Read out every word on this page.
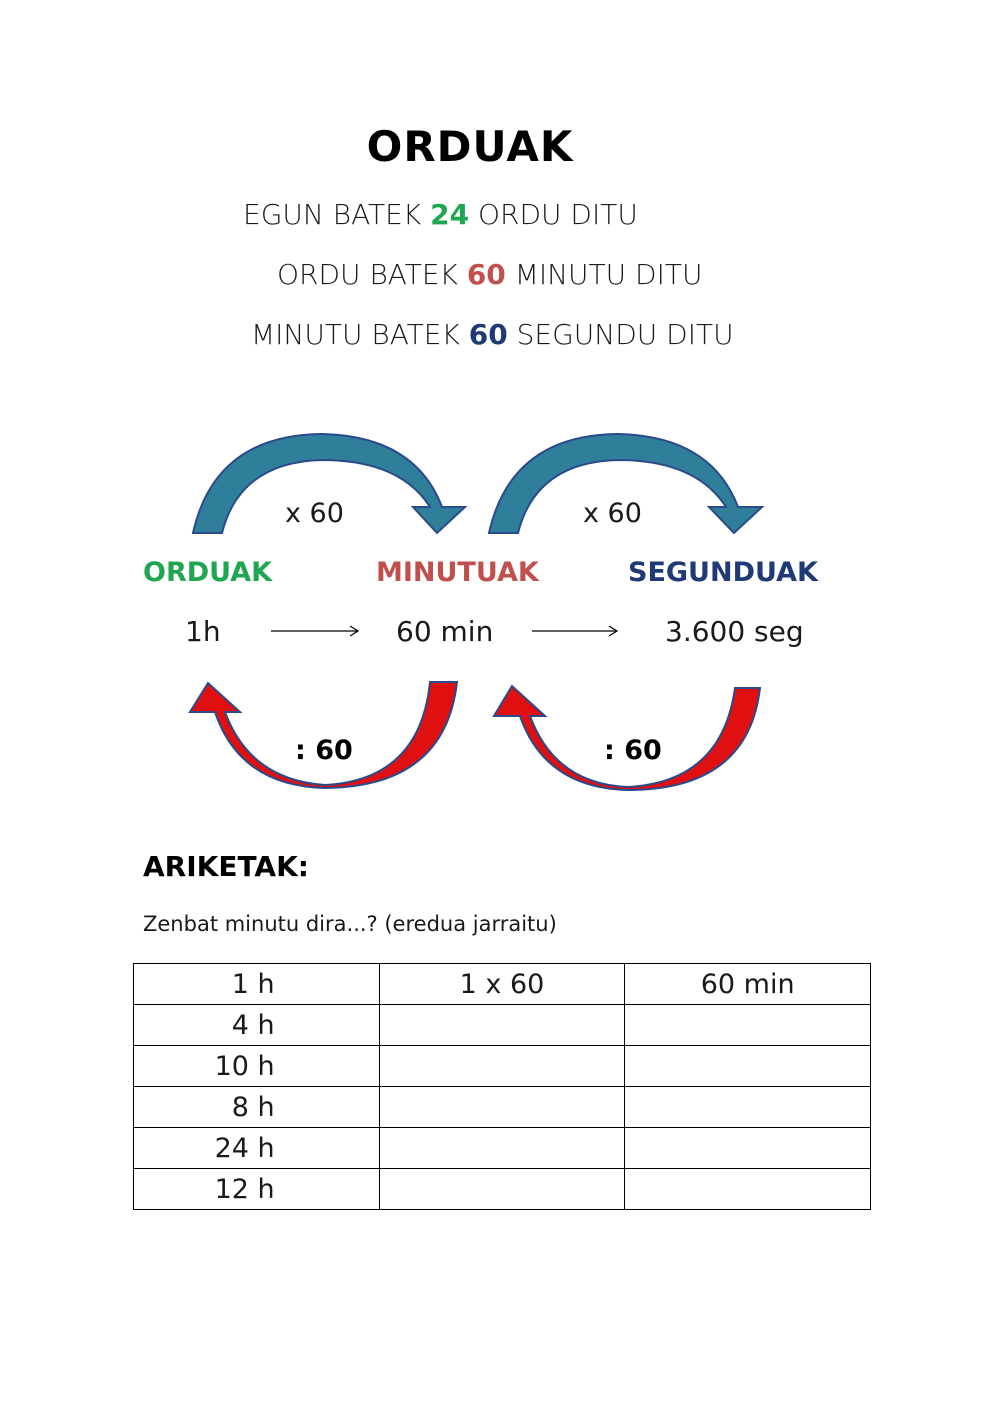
ORDUAK
EGUN BATEK 24 ORDU DITU
ORDU BATEK 60 MINUTU DITU
MINUTU BATEK 60 SEGUNDU DITU
x 60	x 60
: 60	: 60
ORDUAK	MINUTUAK	SEGUNDUAK
1h	60 min	3.600 seg
ARIKETAK:
Zenbat minutu dira...? (eredua jarraitu)
1 h	1 x 60	60 min
4 h		
10 h		
8 h		
24 h		
12 h		
